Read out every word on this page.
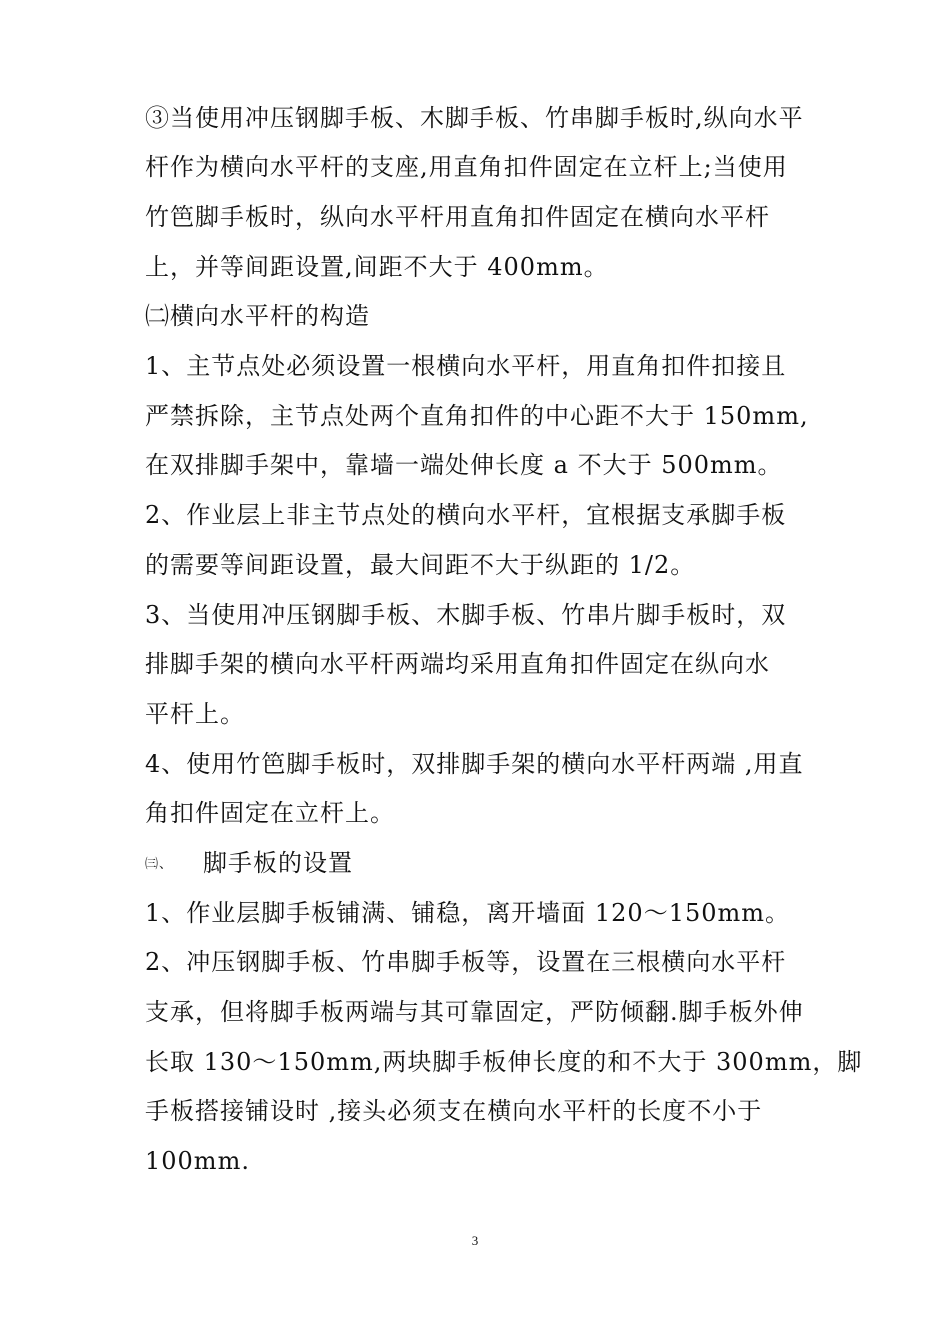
③当使用冲压钢脚手板、木脚手板、竹串脚手板时,纵向水平
杆作为横向水平杆的支座,用直角扣件固定在立杆上;当使用
竹笆脚手板时，纵向水平杆用直角扣件固定在横向水平杆
上，并等间距设置,间距不大于 400mm。
㈡横向水平杆的构造
1、主节点处必须设置一根横向水平杆，用直角扣件扣接且
严禁拆除，主节点处两个直角扣件的中心距不大于 150mm,
在双排脚手架中，靠墙一端处伸长度 a 不大于 500mm。
2、作业层上非主节点处的横向水平杆，宜根据支承脚手板
的需要等间距设置，最大间距不大于纵距的 1/2。
3、当使用冲压钢脚手板、木脚手板、竹串片脚手板时，双
排脚手架的横向水平杆两端均采用直角扣件固定在纵向水
平杆上。
4、使用竹笆脚手板时，双排脚手架的横向水平杆两端 ,用直
角扣件固定在立杆上。
㈢、 脚手板的设置
1、作业层脚手板铺满、铺稳，离开墙面 120～150mm。
2、冲压钢脚手板、竹串脚手板等，设置在三根横向水平杆
支承，但将脚手板两端与其可靠固定，严防倾翻.脚手板外伸
长取 130～150mm,两块脚手板伸长度的和不大于 300mm，脚
手板搭接铺设时 ,接头必须支在横向水平杆的长度不小于
100mm.
3
